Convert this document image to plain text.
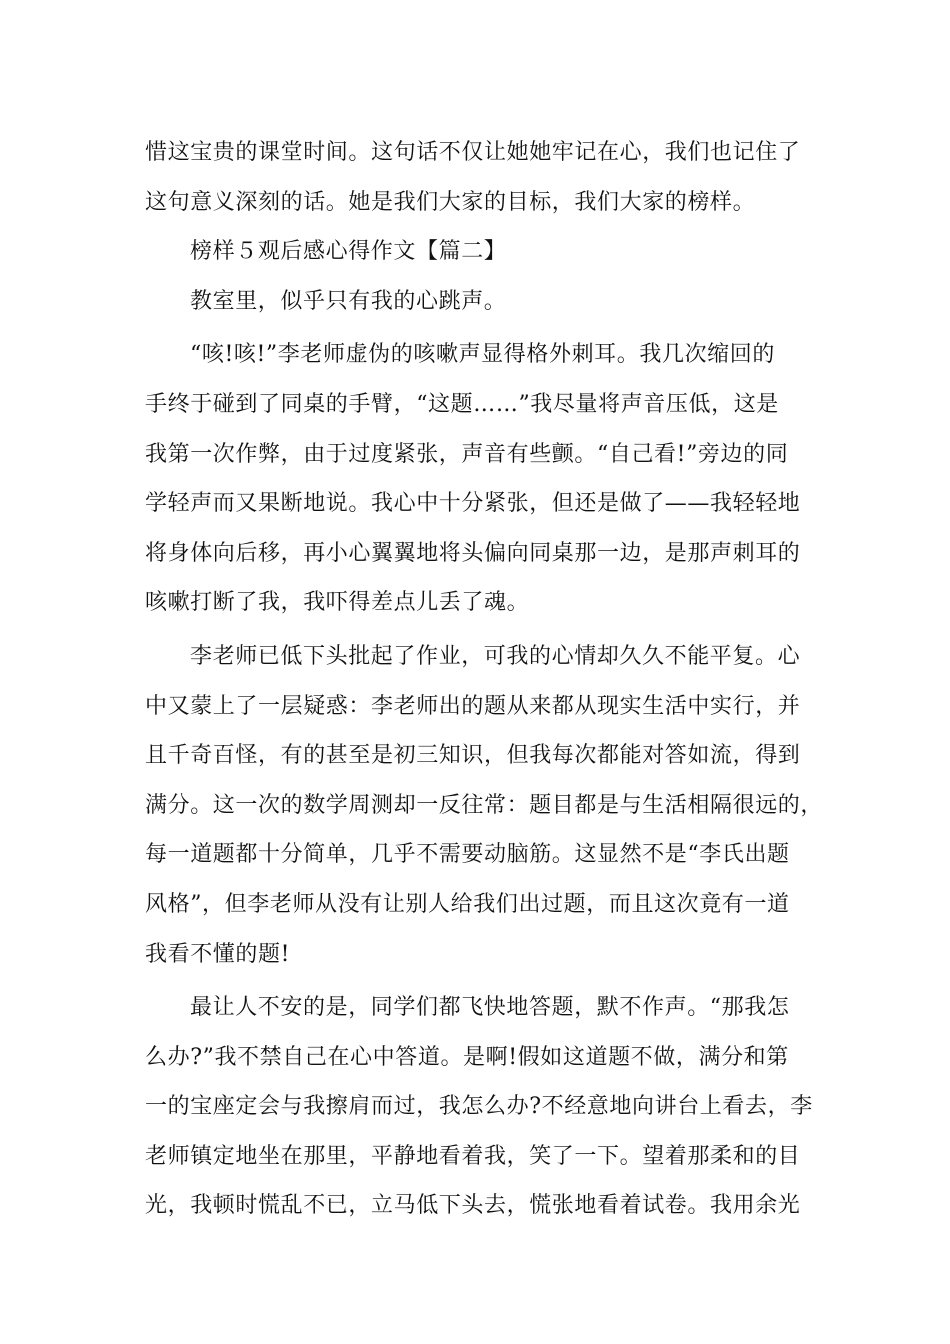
惜这宝贵的课堂时间。这句话不仅让她她牢记在心，我们也记住了
这句意义深刻的话。她是我们大家的目标，我们大家的榜样。
榜样５观后感心得作文【篇二】
教室里，似乎只有我的心跳声。
“咳!咳!”李老师虚伪的咳嗽声显得格外刺耳。我几次缩回的
手终于碰到了同桌的手臂，“这题……”我尽量将声音压低，这是
我第一次作弊，由于过度紧张，声音有些颤。“自己看!”旁边的同
学轻声而又果断地说。我心中十分紧张，但还是做了——我轻轻地
将身体向后移，再小心翼翼地将头偏向同桌那一边，是那声刺耳的
咳嗽打断了我，我吓得差点儿丢了魂。
李老师已低下头批起了作业，可我的心情却久久不能平复。心
中又蒙上了一层疑惑：李老师出的题从来都从现实生活中实行，并
且千奇百怪，有的甚至是初三知识，但我每次都能对答如流，得到
满分。这一次的数学周测却一反往常：题目都是与生活相隔很远的，
每一道题都十分简单，几乎不需要动脑筋。这显然不是“李氏出题
风格”，但李老师从没有让别人给我们出过题，而且这次竟有一道
我看不懂的题!
最让人不安的是，同学们都飞快地答题，默不作声。“那我怎
么办?”我不禁自己在心中答道。是啊!假如这道题不做，满分和第
一的宝座定会与我擦肩而过，我怎么办?不经意地向讲台上看去，李
老师镇定地坐在那里，平静地看着我，笑了一下。望着那柔和的目
光，我顿时慌乱不已，立马低下头去，慌张地看着试卷。我用余光
